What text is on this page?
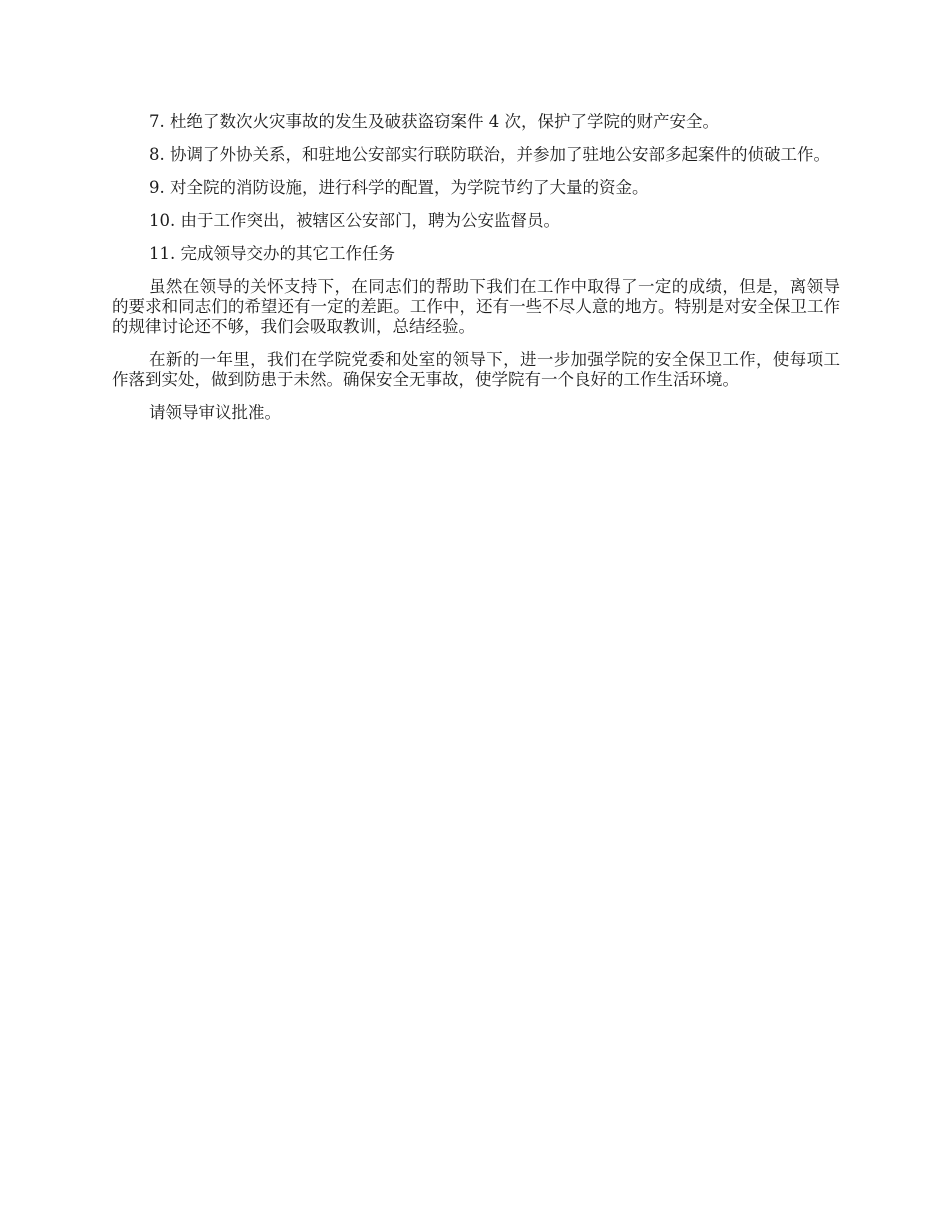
7. 杜绝了数次火灾事故的发生及破获盗窃案件 4 次，保护了学院的财产安全。

8. 协调了外协关系，和驻地公安部实行联防联治，并参加了驻地公安部多起案件的侦破工作。

9. 对全院的消防设施，进行科学的配置，为学院节约了大量的资金。

10. 由于工作突出，被辖区公安部门，聘为公安监督员。

11. 完成领导交办的其它工作任务

虽然在领导的关怀支持下，在同志们的帮助下我们在工作中取得了一定的成绩，但是，离领导的要求和同志们的希望还有一定的差距。工作中，还有一些不尽人意的地方。特别是对安全保卫工作的规律讨论还不够，我们会吸取教训，总结经验。

在新的一年里，我们在学院党委和处室的领导下，进一步加强学院的安全保卫工作，使每项工作落到实处，做到防患于未然。确保安全无事故，使学院有一个良好的工作生活环境。

请领导审议批准。
